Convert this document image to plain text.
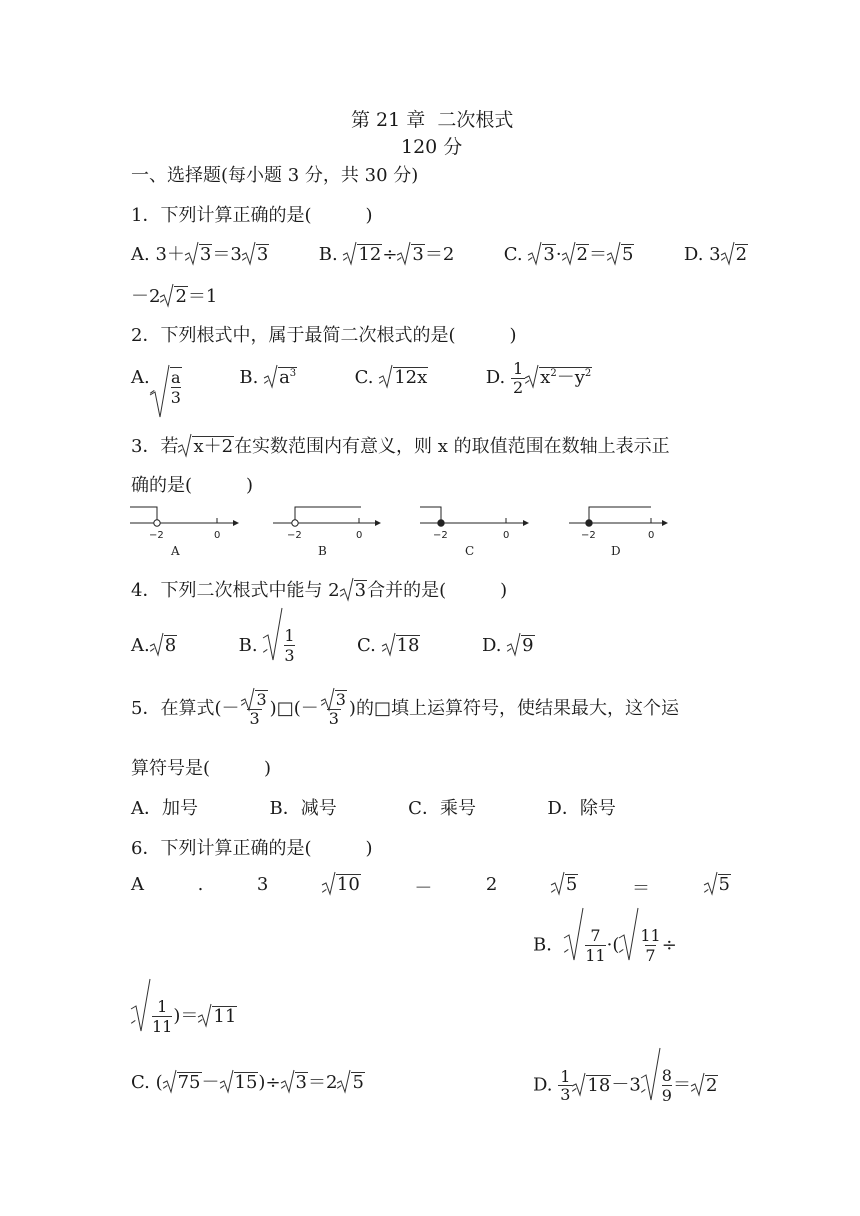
第 21 章  二次根式
120 分
一、选择题(每小题 3 分，共 30 分)
1．下列计算正确的是(　　　)
A. 3＋ 3＝3 3	B.
12÷ 3＝2	C.
3· 2＝ 5	D. 3 2
－2 2＝1
2．下列根式中，属于最简二次根式的是(　　　)
A. $\frac{a}{3}$	B.
$a^3$	C.
12x	D. $\frac{1}{2} x^2-y^2$
3．若 x＋2在实数范围内有意义，则 x 的取值范围在数轴上表示正
确的是(　　　)
−2	0
A
−2	0
B
−2	0
C
−2	0
D
4．下列二次根式中能与 2 3合并的是(　　　)
A. 8	B. $\frac{1}{3}$	C.
18	D.
9
5．在算式(－ $\frac{3}{3}$ )□(－ $\frac{3}{3}$ )的□填上运算符号，使结果最大，这个运
算符号是(　　　)
A．加号	B．减号	C．乘号	D．除号
6．下列计算正确的是(　　　)
A	.	3	10	－	2	5	＝	5
B． $\frac{7}{11}$ ·( $\frac{11}{7}$ ÷
$\frac{1}{11}$ )＝ 11
C. ( 75－ 15)÷ 3＝2 5	D. $\frac{1}{3} 18-3 \frac{8}{9} = 2$
